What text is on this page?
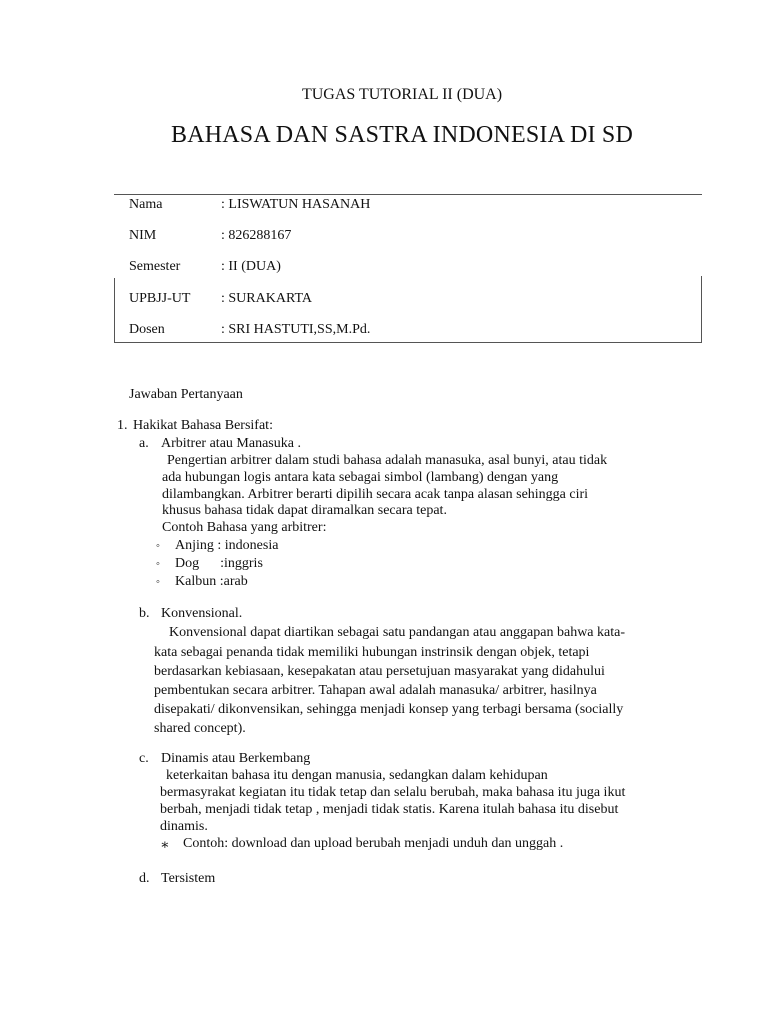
TUGAS TUTORIAL II (DUA)
BAHASA DAN SASTRA INDONESIA DI SD
Nama	: LISWATUN HASANAH
NIM	: 826288167
Semester	: II (DUA)
UPBJJ-UT : SURAKARTA
Dosen	: SRI HASTUTI,SS,M.Pd.
Jawaban Pertanyaan
1. Hakikat Bahasa Bersifat:
a. Arbitrer atau Manasuka .
Pengertian arbitrer dalam studi bahasa adalah manasuka, asal bunyi, atau tidak
ada hubungan logis antara kata sebagai simbol (lambang) dengan yang
dilambangkan. Arbitrer berarti dipilih secara acak tanpa alasan sehingga ciri
khusus bahasa tidak dapat diramalkan secara tepat.
Contoh Bahasa yang arbitrer:
◦ Anjing : indonesia
◦ Dog      :inggris
◦ Kalbun :arab
b. Konvensional.
Konvensional dapat diartikan sebagai satu pandangan atau anggapan bahwa kata-
kata sebagai penanda tidak memiliki hubungan instrinsik dengan objek, tetapi
berdasarkan kebiasaan, kesepakatan atau persetujuan masyarakat yang didahului
pembentukan secara arbitrer. Tahapan awal adalah manasuka/ arbitrer, hasilnya
disepakati/ dikonvensikan, sehingga menjadi konsep yang terbagi bersama (socially
shared concept).
c. Dinamis atau Berkembang
keterkaitan bahasa itu dengan manusia, sedangkan dalam kehidupan
bermasyrakat kegiatan itu tidak tetap dan selalu berubah, maka bahasa itu juga ikut
berbah, menjadi tidak tetap , menjadi tidak statis. Karena itulah bahasa itu disebut
dinamis.
∗ Contoh: download dan upload berubah menjadi unduh dan unggah .
d. Tersistem
